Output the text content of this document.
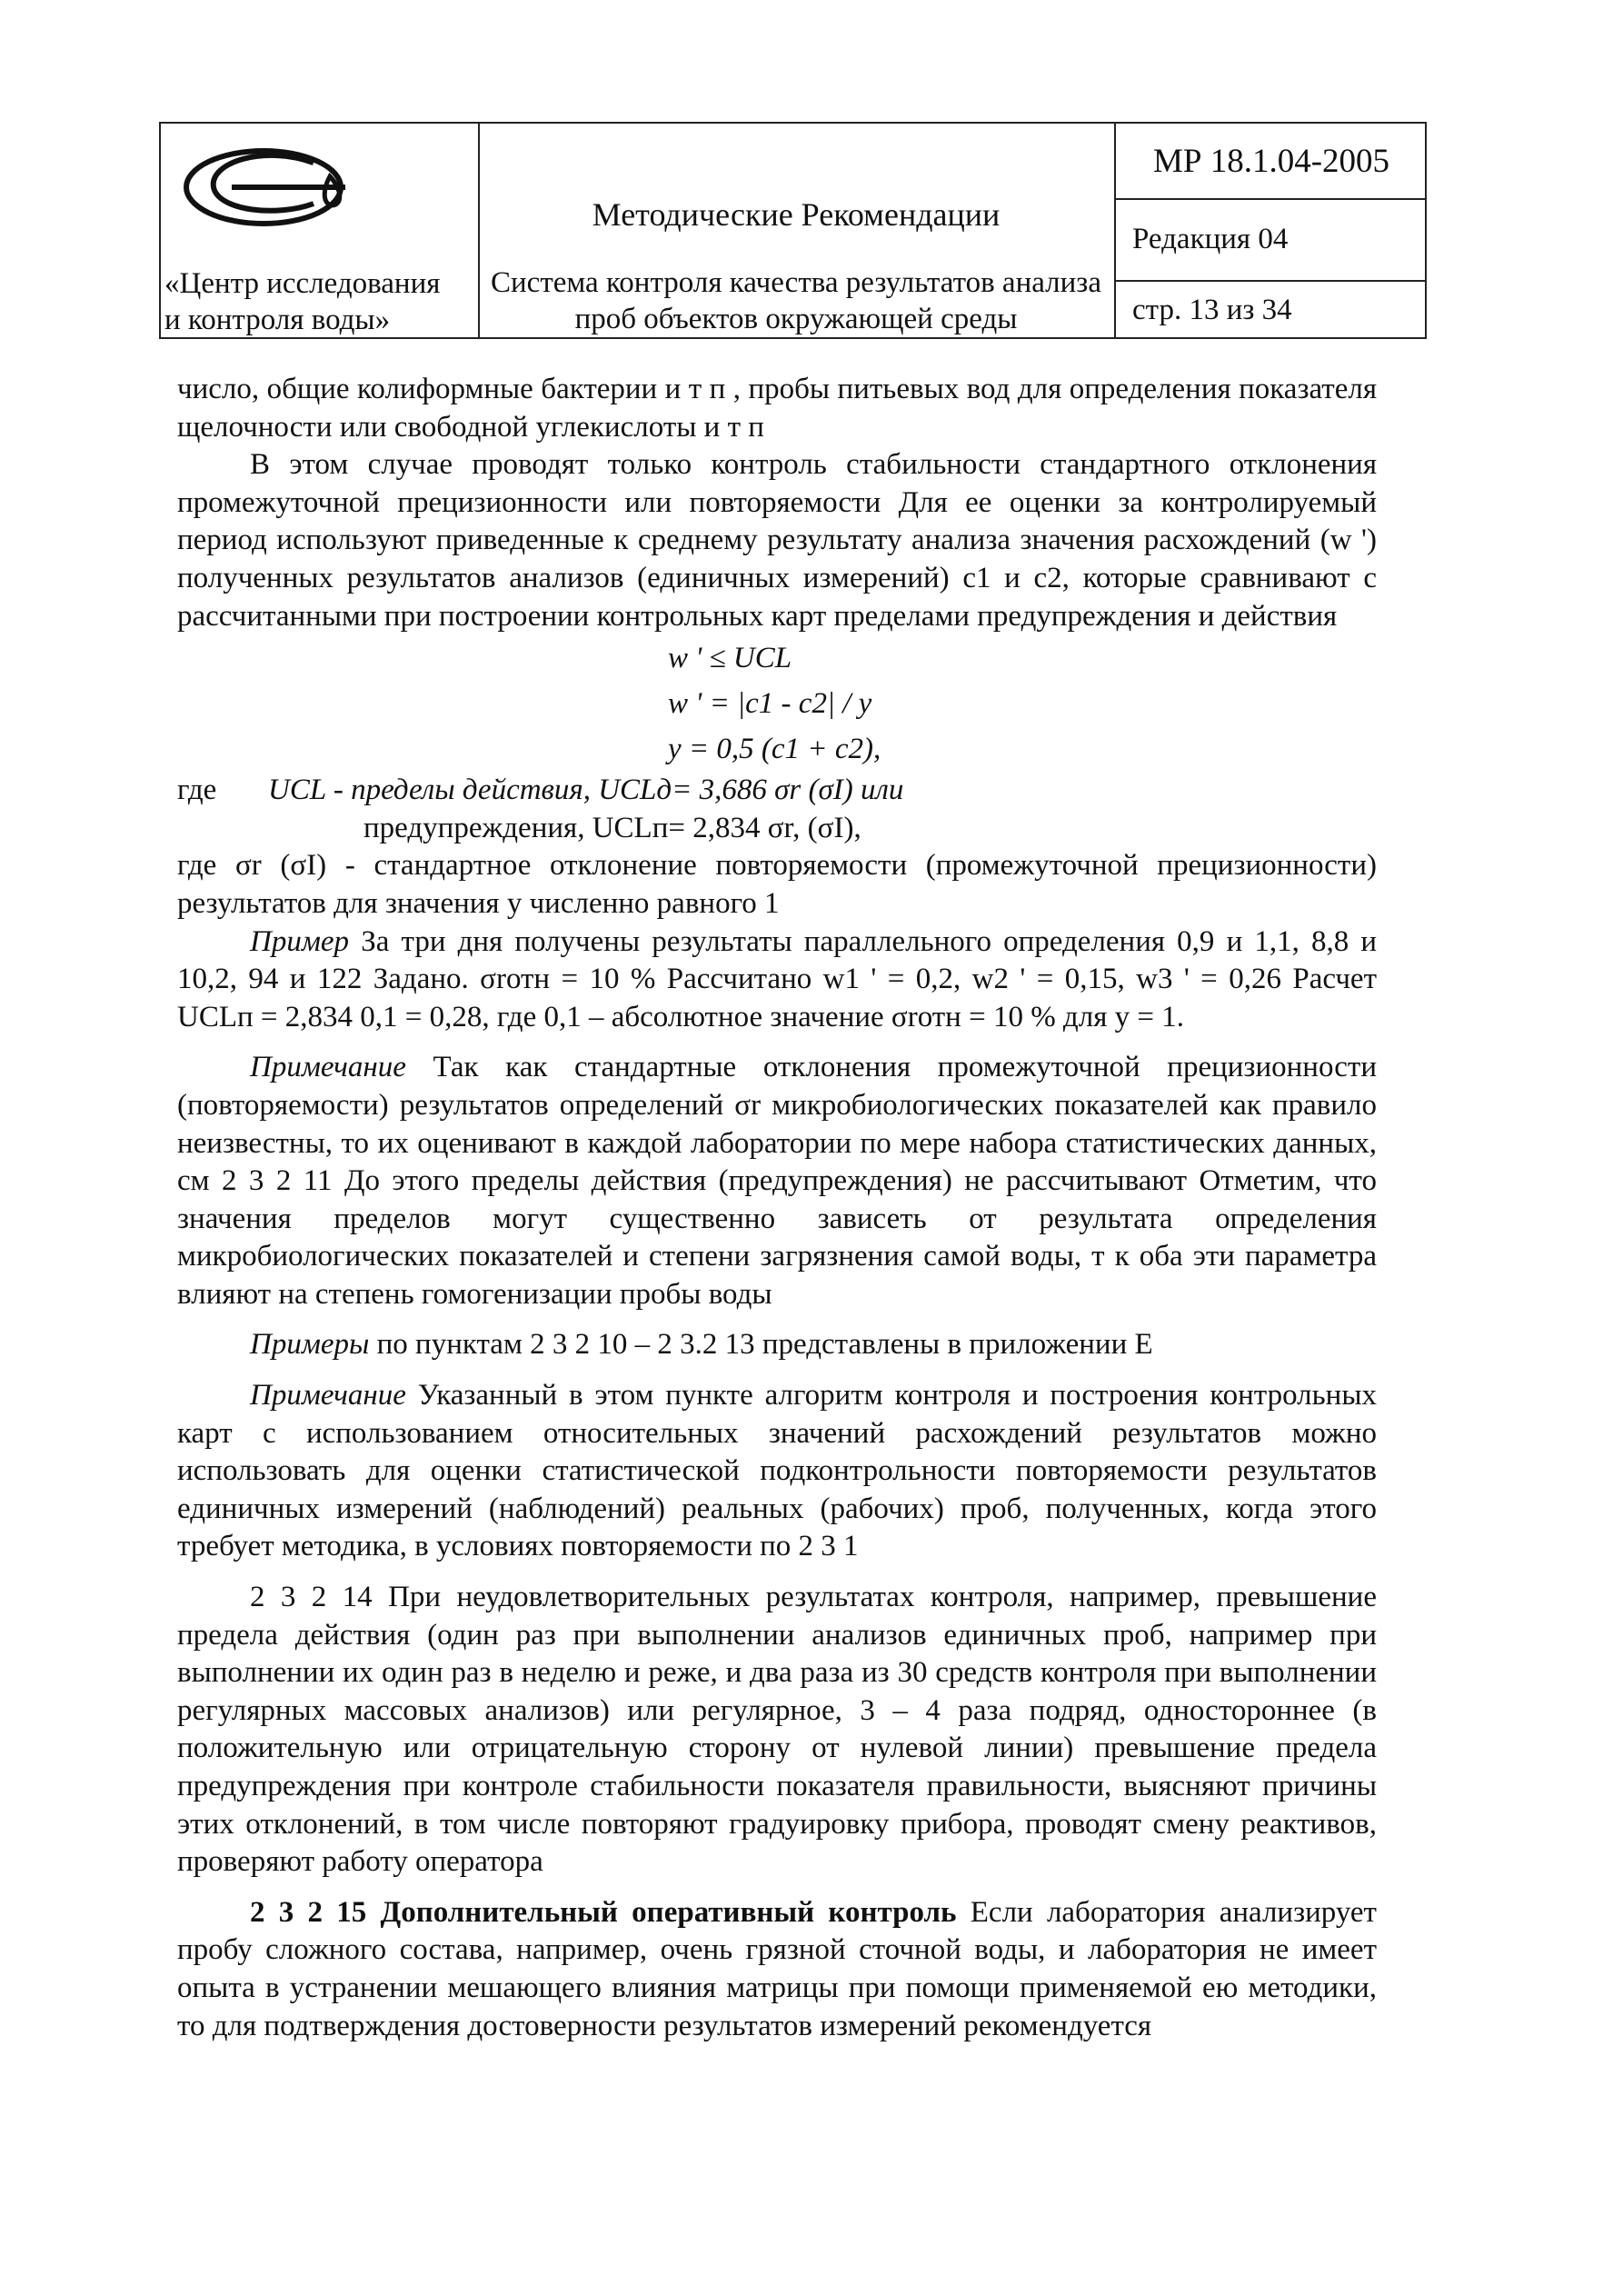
«Центр исследования
и контроля воды»
Методические Рекомендации
Система контроля качества результатов анализа
проб объектов окружающей среды
МР 18.1.04-2005
Редакция 04
стр. 13 из 34

число, общие колиформные бактерии и т п , пробы питьевых вод для определения показателя щелочности или свободной углекислоты и т п

В этом случае проводят только контроль стабильности стандартного отклонения промежуточной прецизионности или повторяемости Для ее оценки за контролируемый период используют приведенные к среднему результату анализа значения расхождений (w ') полученных результатов анализов (единичных измерений) c1 и c2, которые сравнивают с рассчитанными при построении контрольных карт пределами предупреждения и действия

w ' ≤ UCL

w ' = |c1 - c2| / y

y = 0,5 (c1 + c2),

где UCL - пределы действия, UCLд= 3,686 σr (σI) или

предупреждения, UCLп= 2,834 σr, (σI),

где σr (σI) - стандартное отклонение повторяемости (промежуточной прецизионности) результатов для значения y численно равного 1

Пример За три дня получены результаты параллельного определения 0,9 и 1,1, 8,8 и 10,2, 94 и 122 Задано. σrотн = 10 % Рассчитано w1 ' = 0,2, w2 ' = 0,15, w3 ' = 0,26 Расчет UCLп = 2,834 0,1 = 0,28, где 0,1 – абсолютное значение σrотн = 10 % для y = 1.

Примечание Так как стандартные отклонения промежуточной прецизионности (повторяемости) результатов определений σr микробиологических показателей как правило неизвестны, то их оценивают в каждой лаборатории по мере набора статистических данных, см 2 3 2 11 До этого пределы действия (предупреждения) не рассчитывают Отметим, что значения пределов могут существенно зависеть от результата определения микробиологических показателей и степени загрязнения самой воды, т к оба эти параметра влияют на степень гомогенизации пробы воды

Примеры по пунктам 2 3 2 10 – 2 3.2 13 представлены в приложении Е

Примечание Указанный в этом пункте алгоритм контроля и построения контрольных карт с использованием относительных значений расхождений результатов можно использовать для оценки статистической подконтрольности повторяемости результатов единичных измерений (наблюдений) реальных (рабочих) проб, полученных, когда этого требует методика, в условиях повторяемости по 2 3 1

2 3 2 14 При неудовлетворительных результатах контроля, например, превышение предела действия (один раз при выполнении анализов единичных проб, например при выполнении их один раз в неделю и реже, и два раза из 30 средств контроля при выполнении регулярных массовых анализов) или регулярное, 3 – 4 раза подряд, одностороннее (в положительную или отрицательную сторону от нулевой линии) превышение предела предупреждения при контроле стабильности показателя правильности, выясняют причины этих отклонений, в том числе повторяют градуировку прибора, проводят смену реактивов, проверяют работу оператора

2 3 2 15 Дополнительный оперативный контроль Если лаборатория анализирует пробу сложного состава, например, очень грязной сточной воды, и лаборатория не имеет опыта в устранении мешающего влияния матрицы при помощи применяемой ею методики, то для подтверждения достоверности результатов измерений рекомендуется
